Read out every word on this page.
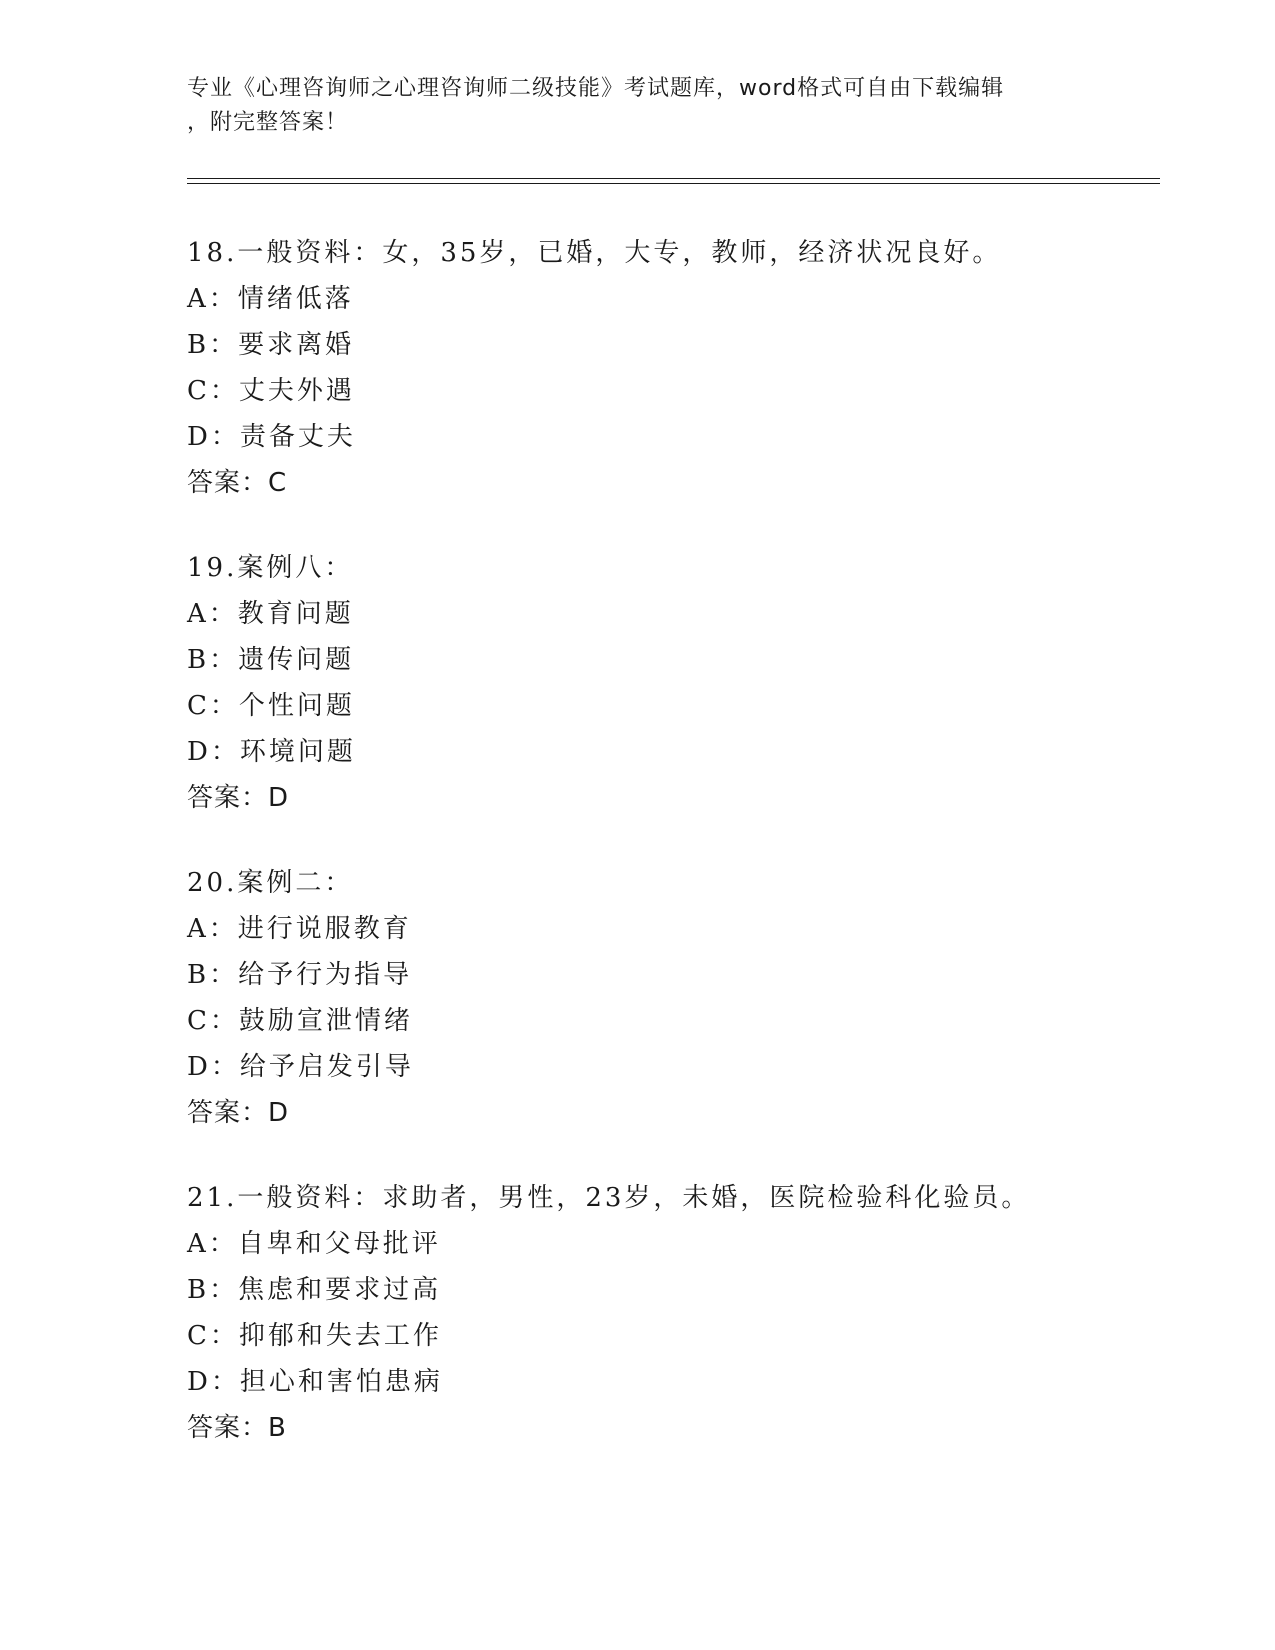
专业《心理咨询师之心理咨询师二级技能》考试题库，word格式可自由下载编辑
，附完整答案！
18.一般资料：女，35岁，已婚，大专，教师，经济状况良好。
A：情绪低落
B：要求离婚
C：丈夫外遇
D：责备丈夫
答案：C
19.案例八：
A：教育问题
B：遗传问题
C：个性问题
D：环境问题
答案：D
20.案例二：
A：进行说服教育
B：给予行为指导
C：鼓励宣泄情绪
D：给予启发引导
答案：D
21.一般资料：求助者，男性，23岁，未婚，医院检验科化验员。
A：自卑和父母批评
B：焦虑和要求过高
C：抑郁和失去工作
D：担心和害怕患病
答案：B
